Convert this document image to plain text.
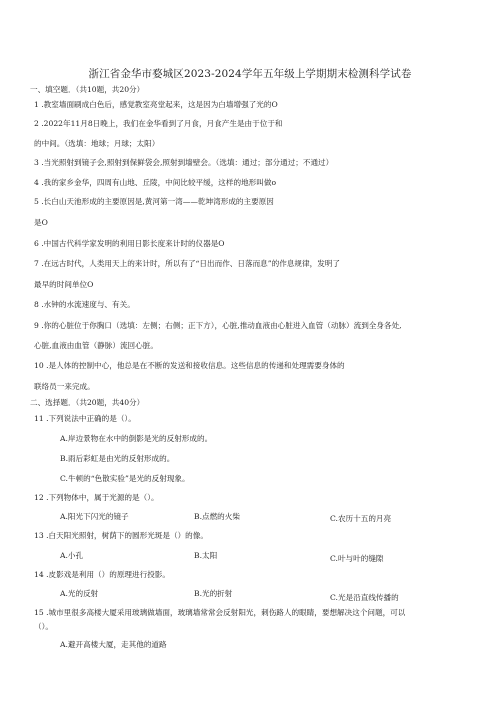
浙江省金华市婺城区2023-2024学年五年级上学期期末检测科学试卷
一、填空题．（共10题，共20分）
1 .教室墙面刷成白色后，感觉教室亮堂起来，这是因为白墙增强了光的O
2 .2022年11月8日晚上，我们在金华看到了月食，月食产生是由于位于和
的中间。（选填：地球；月球；太阳）
3 .当光照射到镜子会,照射到保鲜袋会,照射到墙壁会。（选填：通过；部分通过；不通过）
4 .我的家乡金华，四周有山地、丘陵，中间比较平缓，这样的地形叫做o
5 .长白山天池形成的主要原因是,黄河第一湾——乾坤湾形成的主要原因
是O
6 .中国古代科学家发明的利用日影长度来计时的仪器是O
7 .在远古时代，人类用天上的来计时，所以有了“日出而作、日落而息”的作息规律，发明了
最早的时间单位O
8 .水钟的水流速度与、有关。
9 .你的心脏位于你胸口（选填：左侧；右侧；正下方），心脏,推动血液由心脏进入血管（动脉）流到全身各处,
心脏,血液由血管（静脉）流回心脏。
10 .是人体的控制中心，他总是在不断的发送和接收信息。这些信息的传递和处理需要身体的
联络员一来完成。
二、选择题．（共20题，共40分）
11 .下列说法中正确的是（）。
A.岸边景物在水中的倒影是光的反射形成的。
B.雨后彩虹是由光的反射形成的。
C.牛顿的“色散实验”是光的反射现象。
12 .下列物体中，属于光源的是（）。
A.阳光下闪光的镜子	B.点燃的火柴	C.农历十五的月亮
13 .白天阳光照射，树荫下的圆形光斑是（）的像。
A.小孔	B.太阳	C.叶与叶的缝隙
14 .皮影戏是利用（）的原理进行投影。
A.光的反射	B.光的折射	C.光是沿直线传播的
15 .城市里很多高楼大厦采用玻璃做墙面，玻璃墙常常会反射阳光，刺伤路人的眼睛，要想解决这个问题，可以
（）。
A.避开高楼大厦，走其他的道路
